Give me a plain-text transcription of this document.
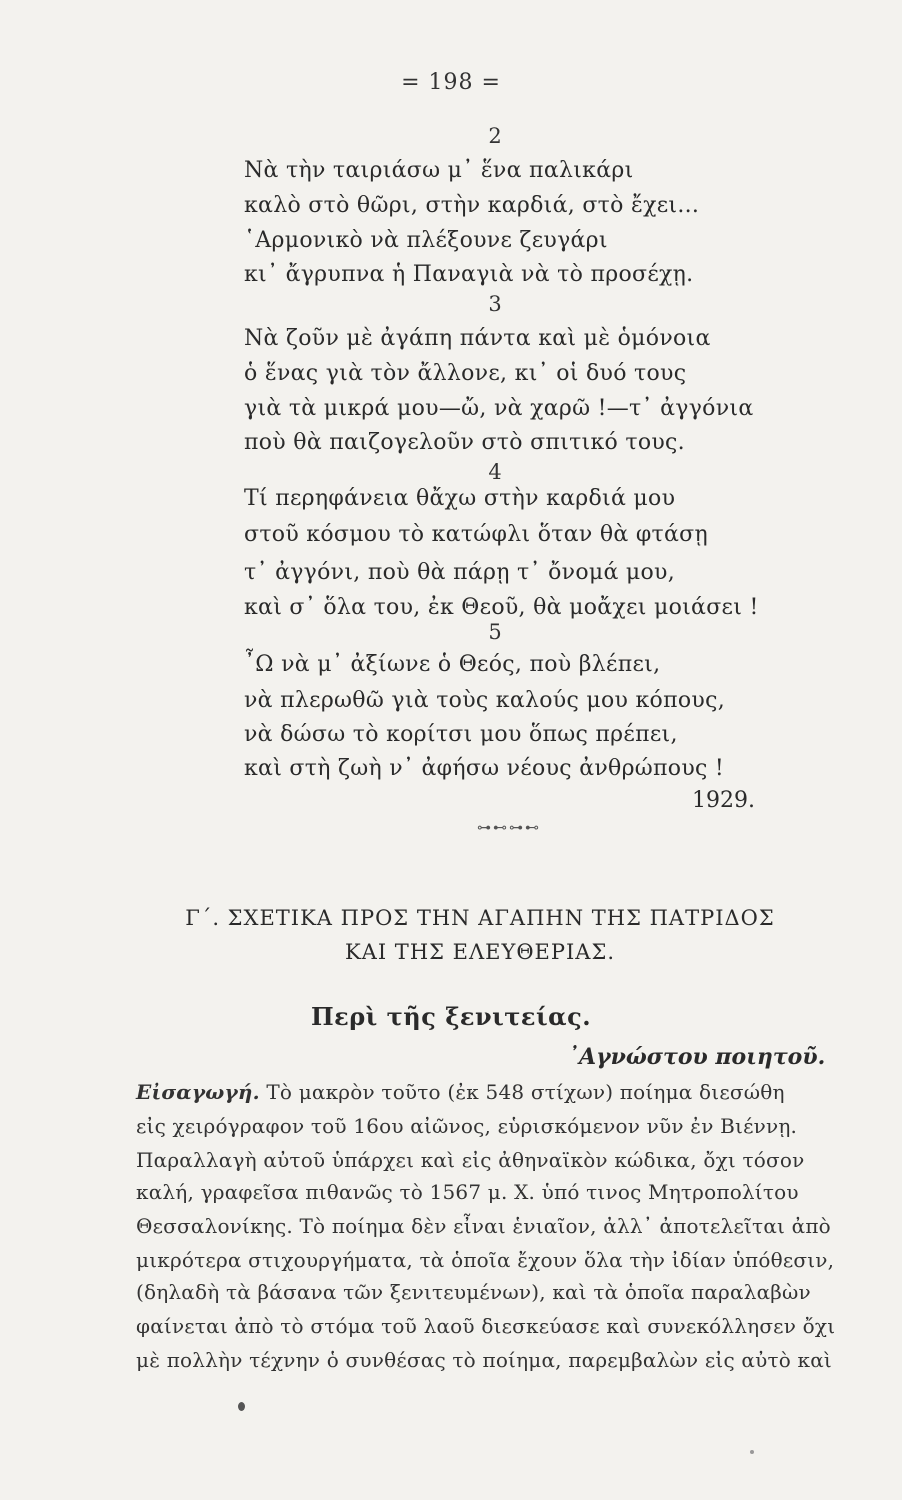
= 198 =
2
Νὰ τὴν ταιριάσω μ᾽ ἕνα παλικάρι
καλὸ στὸ θῶρι, στὴν καρδιά, στὸ ἔχει...
῾Αρμονικὸ νὰ πλέξουνε ζευγάρι
κι᾽ ἄγρυπνα ἡ Παναγιὰ νὰ τὸ προσέχῃ.
3
Νὰ ζοῦν μὲ ἀγάπη πάντα καὶ μὲ ὁμόνοια
ὁ ἕνας γιὰ τὸν ἄλλονε, κι᾽ οἱ δυό τους
γιὰ τὰ μικρά μου—ὤ, νὰ χαρῶ !—τ᾽ ἀγγόνια
ποὺ θὰ παιζογελοῦν στὸ σπιτικό τους.
4
Τί περηφάνεια θἄχω στὴν καρδιά μου
στοῦ κόσμου τὸ κατώφλι ὅταν θὰ φτάσῃ
τ᾽ ἀγγόνι, ποὺ θὰ πάρῃ τ᾽ ὄνομά μου,
καὶ σ᾽ ὅλα του, ἐκ Θεοῦ, θὰ μοἄχει μοιάσει !
5
῏Ω νὰ μ᾽ ἀξίωνε ὁ Θεός, ποὺ βλέπει,
νὰ πλερωθῶ γιὰ τοὺς καλούς μου κόπους,
νὰ δώσω τὸ κορίτσι μου ὅπως πρέπει,
καὶ στὴ ζωὴ ν᾽ ἀφήσω νέους ἀνθρώπους !
1929.
⊶⊷⊶⊷
Γ΄. ΣΧΕΤΙΚΑ ΠΡΟΣ ΤΗΝ ΑΓΑΠΗΝ ΤΗΣ ΠΑΤΡΙΔΟΣ
ΚΑΙ ΤΗΣ ΕΛΕΥΘΕΡΙΑΣ.
Περὶ τῆς ξενιτείας.
᾽Αγνώστου ποιητοῦ.
Εἰσαγωγή. Τὸ μακρὸν τοῦτο (ἐκ 548 στίχων) ποίημα διεσώθη
εἰς χειρόγραφον τοῦ 16ου αἰῶνος, εὑρισκόμενον νῦν ἐν Βιέννῃ.
Παραλλαγὴ αὐτοῦ ὑπάρχει καὶ εἰς ἀθηναϊκὸν κώδικα, ὄχι τόσον
καλή, γραφεῖσα πιθανῶς τὸ 1567 μ. Χ. ὑπό τινος Μητροπολίτου
Θεσσαλονίκης. Τὸ ποίημα δὲν εἶναι ἑνιαῖον, ἀλλ᾽ ἀποτελεῖται ἀπὸ
μικρότερα στιχουργήματα, τὰ ὁποῖα ἔχουν ὅλα τὴν ἰδίαν ὑπόθεσιν,
(δηλαδὴ τὰ βάσανα τῶν ξενιτευμένων), καὶ τὰ ὁποῖα παραλαβὼν
φαίνεται ἀπὸ τὸ στόμα τοῦ λαοῦ διεσκεύασε καὶ συνεκόλλησεν ὄχι
μὲ πολλὴν τέχνην ὁ συνθέσας τὸ ποίημα, παρεμβαλὼν εἰς αὐτὸ καὶ
